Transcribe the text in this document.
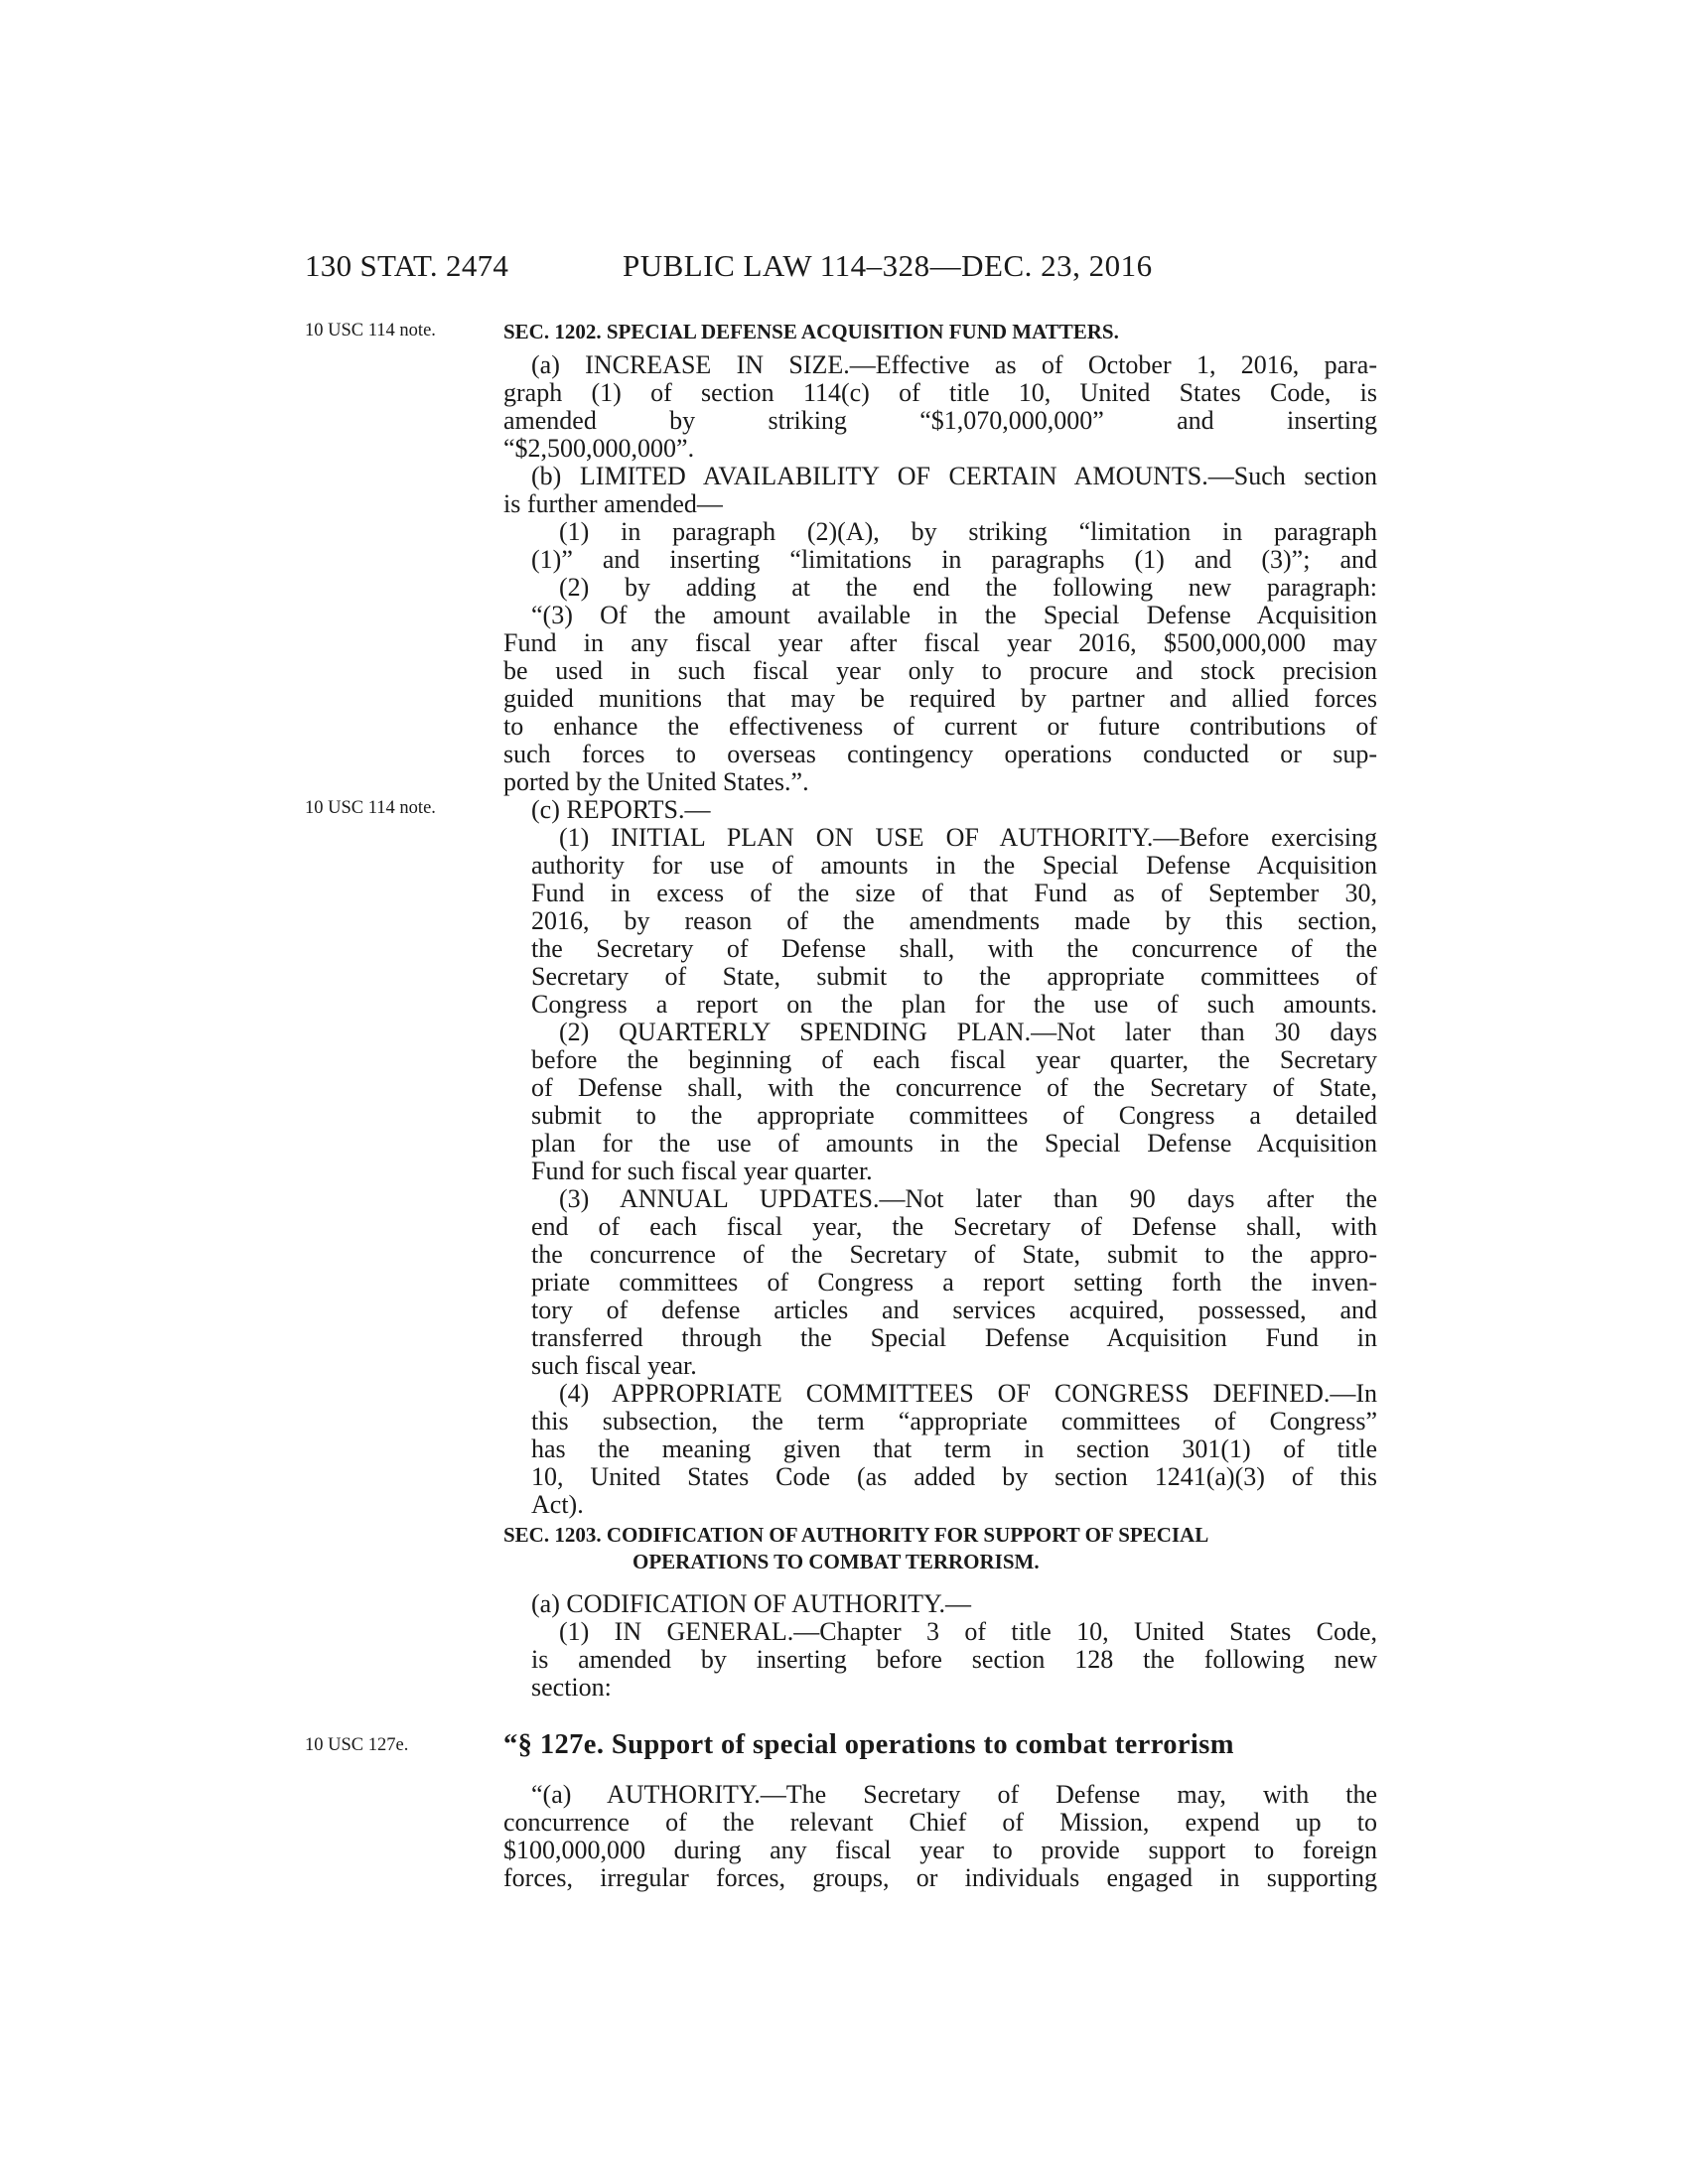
130 STAT. 2474	PUBLIC LAW 114–328—DEC. 23, 2016
10 USC 114 note.
10 USC 114 note.
10 USC 127e.
SEC. 1202. SPECIAL DEFENSE ACQUISITION FUND MATTERS.
(a) INCREASE IN SIZE.—Effective as of October 1, 2016, para-
graph (1) of section 114(c) of title 10, United States Code, is
amended by striking “$1,070,000,000” and inserting
“$2,500,000,000”.
(b) LIMITED AVAILABILITY OF CERTAIN AMOUNTS.—Such section
is further amended—
(1) in paragraph (2)(A), by striking “limitation in paragraph
(1)” and inserting “limitations in paragraphs (1) and (3)”; and
(2) by adding at the end the following new paragraph:
“(3) Of the amount available in the Special Defense Acquisition
Fund in any fiscal year after fiscal year 2016, $500,000,000 may
be used in such fiscal year only to procure and stock precision
guided munitions that may be required by partner and allied forces
to enhance the effectiveness of current or future contributions of
such forces to overseas contingency operations conducted or sup-
ported by the United States.”.
(c) REPORTS.—
(1) INITIAL PLAN ON USE OF AUTHORITY.—Before exercising
authority for use of amounts in the Special Defense Acquisition
Fund in excess of the size of that Fund as of September 30,
2016, by reason of the amendments made by this section,
the Secretary of Defense shall, with the concurrence of the
Secretary of State, submit to the appropriate committees of
Congress a report on the plan for the use of such amounts.
(2) QUARTERLY SPENDING PLAN.—Not later than 30 days
before the beginning of each fiscal year quarter, the Secretary
of Defense shall, with the concurrence of the Secretary of State,
submit to the appropriate committees of Congress a detailed
plan for the use of amounts in the Special Defense Acquisition
Fund for such fiscal year quarter.
(3) ANNUAL UPDATES.—Not later than 90 days after the
end of each fiscal year, the Secretary of Defense shall, with
the concurrence of the Secretary of State, submit to the appro-
priate committees of Congress a report setting forth the inven-
tory of defense articles and services acquired, possessed, and
transferred through the Special Defense Acquisition Fund in
such fiscal year.
(4) APPROPRIATE COMMITTEES OF CONGRESS DEFINED.—In
this subsection, the term “appropriate committees of Congress”
has the meaning given that term in section 301(1) of title
10, United States Code (as added by section 1241(a)(3) of this
Act).
SEC. 1203. CODIFICATION OF AUTHORITY FOR SUPPORT OF SPECIAL
OPERATIONS TO COMBAT TERRORISM.
(a) CODIFICATION OF AUTHORITY.—
(1) IN GENERAL.—Chapter 3 of title 10, United States Code,
is amended by inserting before section 128 the following new
section:
“§ 127e. Support of special operations to combat terrorism
“(a) AUTHORITY.—The Secretary of Defense may, with the
concurrence of the relevant Chief of Mission, expend up to
$100,000,000 during any fiscal year to provide support to foreign
forces, irregular forces, groups, or individuals engaged in supporting
